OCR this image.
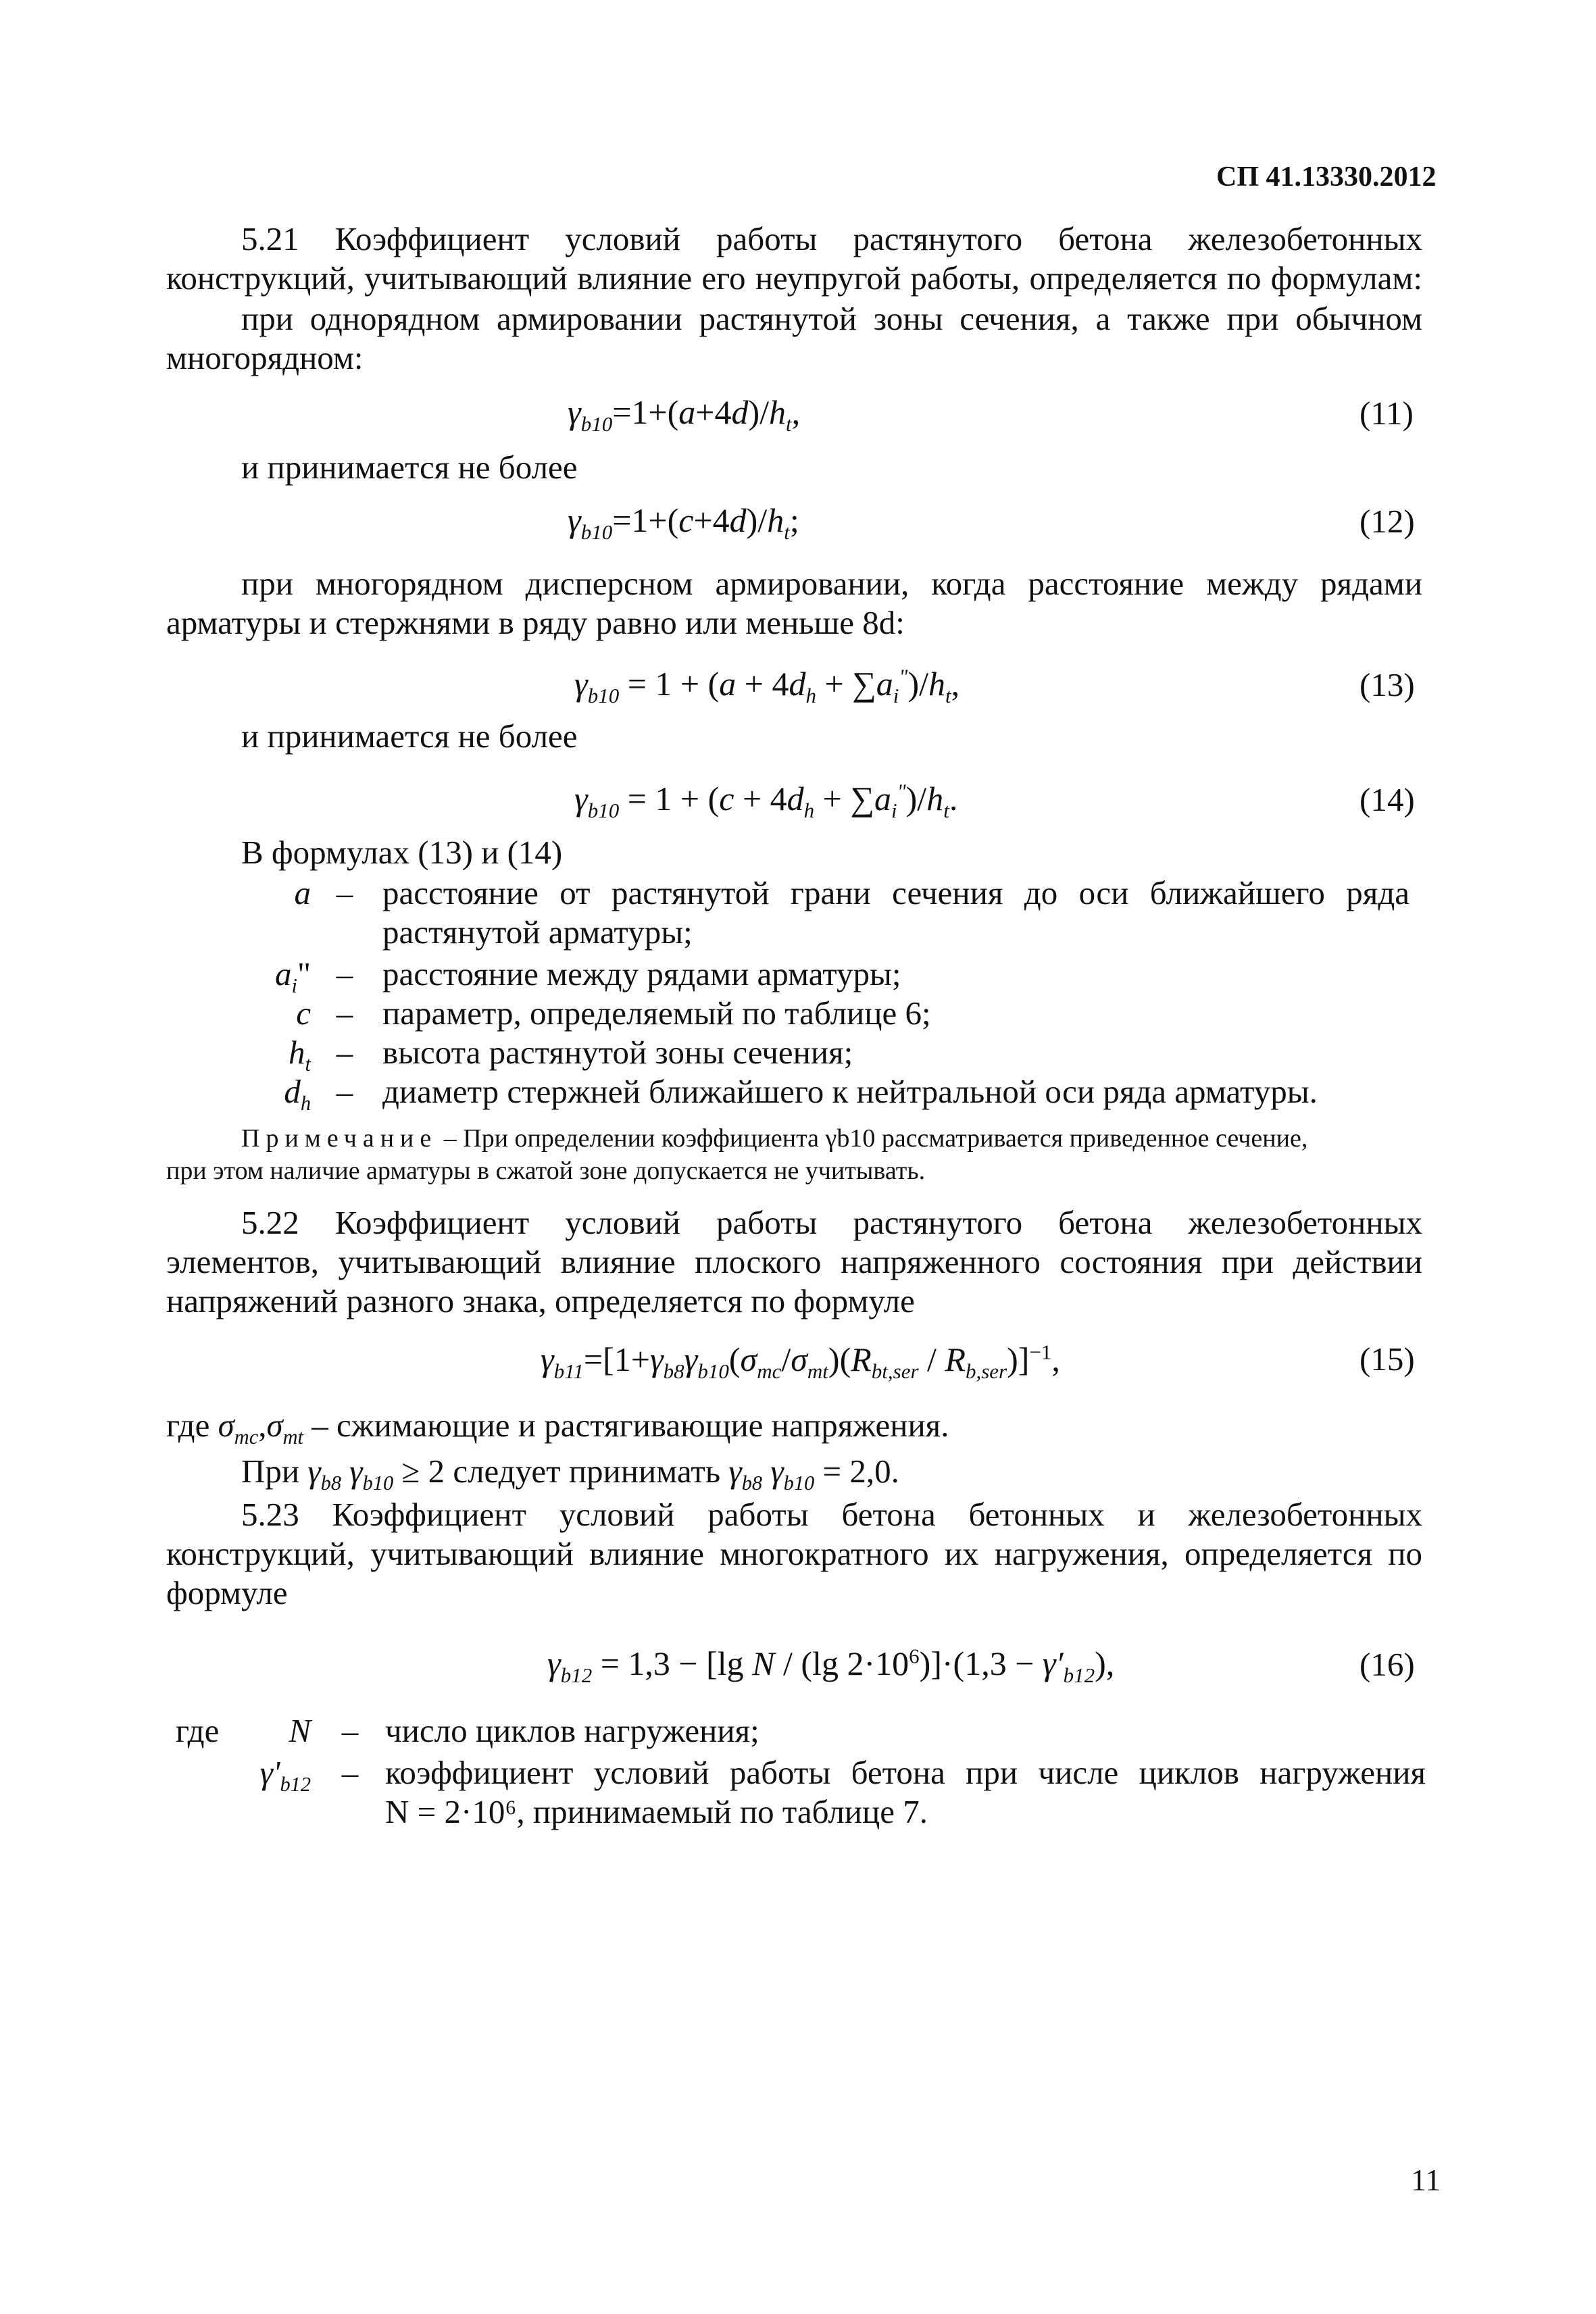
СП 41.13330.2012
5.21 Коэффициент условий работы растянутого бетона железобетонных
конструкций, учитывающий влияние его неупругой работы, определяется по формулам:
при однорядном армировании растянутой зоны сечения, а также при обычном
многорядном:
$\gamma_{b10}=1+(a+4d)/h_t$,	(11)
и принимается не более
$\gamma_{b10}=1+(c+4d)/h_t$;	(12)
при многорядном дисперсном армировании, когда расстояние между рядами
арматуры и стержнями в ряду равно или меньше 8d:
$\gamma_{b10} = 1 + (a + 4d_h + \sum a_i^")/h_t$,	(13)
и принимается не более
$\gamma_{b10} = 1 + (c + 4d_h + \sum a_i^")/h_t$.	(14)
В формулах (13) и (14)
a – расстояние от растянутой грани сечения до оси ближайшего ряда
растянутой арматуры;
$a_i$" – расстояние между рядами арматуры;
c – параметр, определяемый по таблице 6;
$h_t$ – высота растянутой зоны сечения;
$d_h$ – диаметр стержней ближайшего к нейтральной оси ряда арматуры.
Примечание – При определении коэффициента γb10 рассматривается приведенное сечение,
при этом наличие арматуры в сжатой зоне допускается не учитывать.
5.22 Коэффициент условий работы растянутого бетона железобетонных
элементов, учитывающий влияние плоского напряженного состояния при действии
напряжений разного знака, определяется по формуле
$\gamma_{b11}=[1+\gamma_{b8}\gamma_{b10}(\sigma_{mc}/\sigma_{mt})(R_{bt,ser} / R_{b,ser})]^{-1}$,	(15)
где $\sigma_{mc},\sigma_{mt}$ – сжимающие и растягивающие напряжения.
При $\gamma_{b8}$ $\gamma_{b10} \ge 2$ следует принимать $\gamma_{b8}$ $\gamma_{b10} = 2,0$.
5.23 Коэффициент условий работы бетона бетонных и железобетонных
конструкций, учитывающий влияние многократного их нагружения, определяется по
формуле
$\gamma_{b12} = 1,3 - [\lg$ N / (lg $2\cdot 10^6)]\cdot(1,3 - \gamma'_{b12})$,	(16)
где	N – число циклов нагружения;
$\gamma'_{b12}$ – коэффициент условий работы бетона при числе циклов нагружения
N = 2·10⁶, принимаемый по таблице 7.
11
